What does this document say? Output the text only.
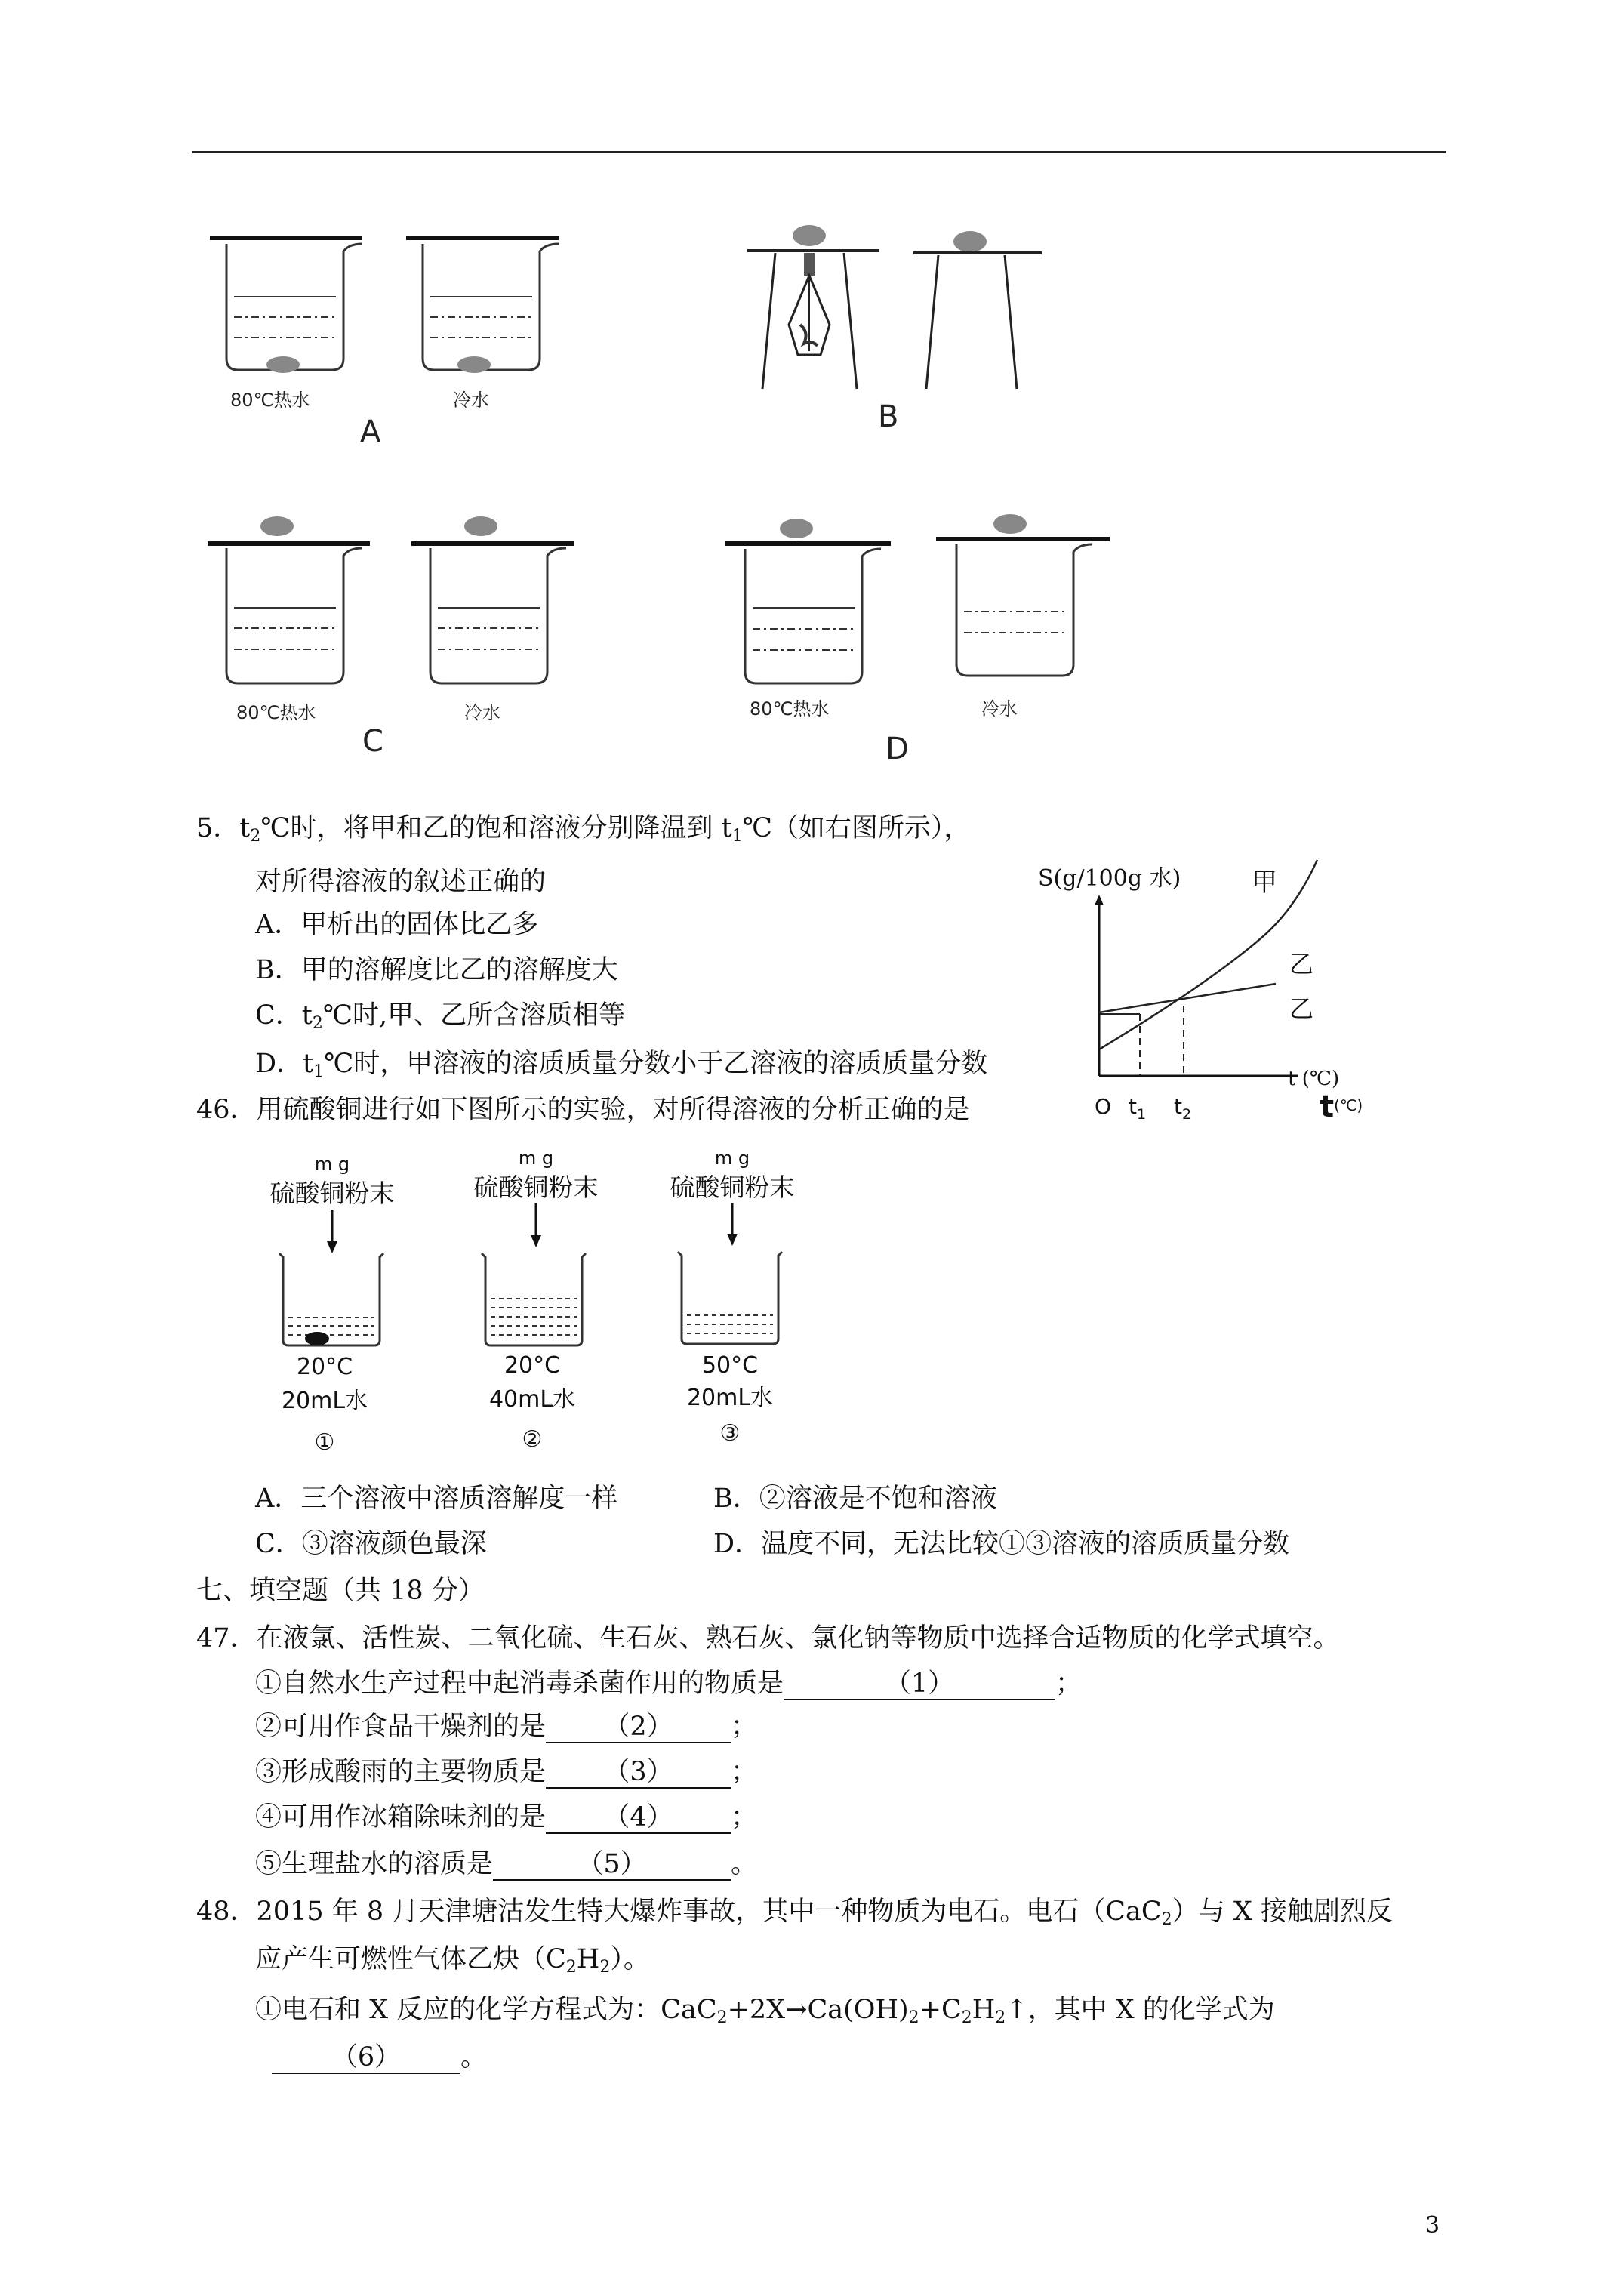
80℃热水	冷水
A	B
80℃热水	冷水
C
80℃热水	冷水
D
5．$t_2℃$时，将甲和乙的饱和溶液分别降温到 $t_1℃$（如右图所示），
对所得溶液的叙述正确的
A．甲析出的固体比乙多
B．甲的溶解度比乙的溶解度大
C．$t_2℃$时,甲、乙所含溶质相等
D．$t_1℃$时，甲溶液的溶质质量分数小于乙溶液的溶质质量分数
S(g/100g 水)	甲
乙
乙
t (℃)
O $t_1$ $t_2$	t(℃)
46．用硫酸铜进行如下图所示的实验，对所得溶液的分析正确的是
m g
硫酸铜粉末
20°C
20mL水
①
m g
硫酸铜粉末
20°C
40mL水
②
m g
硫酸铜粉末
50°C
20mL水
③
A．三个溶液中溶质溶解度一样	B．②溶液是不饱和溶液
C．③溶液颜色最深	D．温度不同，无法比较①③溶液的溶质质量分数
七、填空题（共 18 分）
47．在液氯、活性炭、二氧化硫、生石灰、熟石灰、氯化钠等物质中选择合适物质的化学式填空。
①自然水生产过程中起消毒杀菌作用的物质是	（1）	；
②可用作食品干燥剂的是 （2） ；
③形成酸雨的主要物质是 （3） ；
④可用作冰箱除味剂的是 （4） ；
⑤生理盐水的溶质是	（5）	。
48．2015 年 8 月天津塘沽发生特大爆炸事故，其中一种物质为电石。电石（CaC$_2$）与 X 接触剧烈反
应产生可燃性气体乙炔$(C_2H_2)$。
①电石和 X 反应的化学方程式为：$CaC_2+2X\to Ca(OH)_2+C_2H_2↑$，其中 X 的化学式为
（6） 。
3
